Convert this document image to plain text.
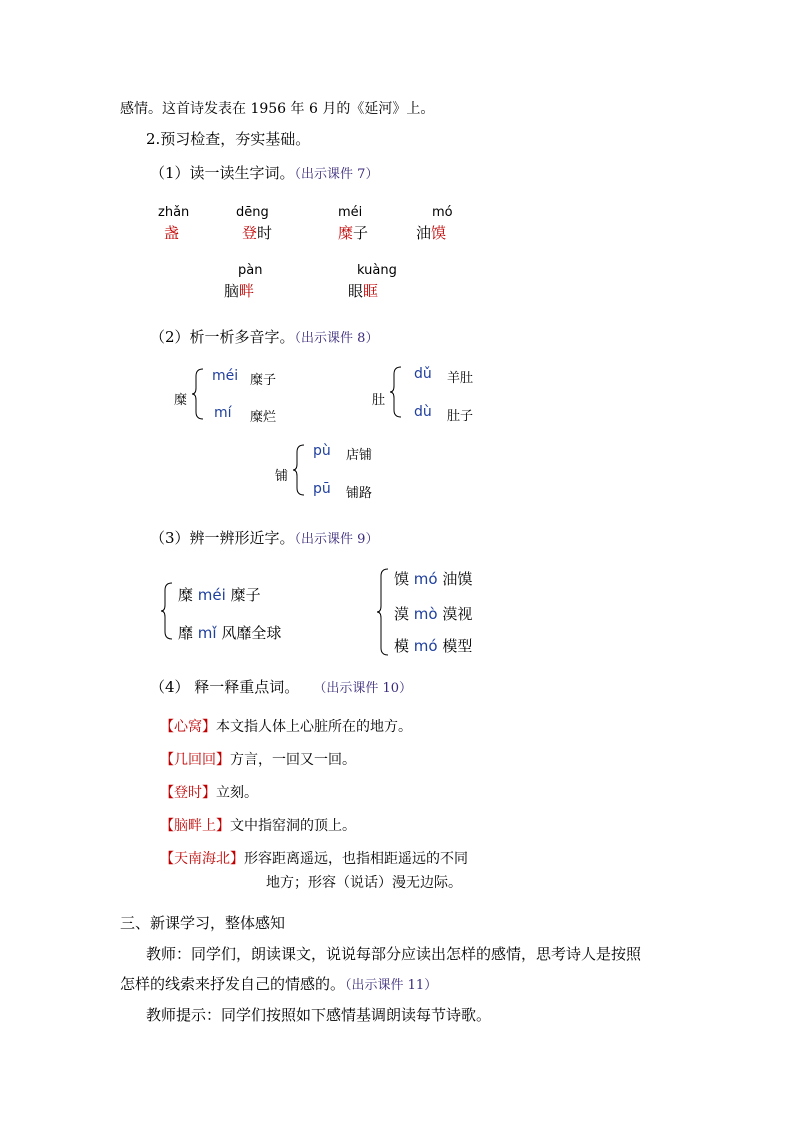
感情。这首诗发表在 1956 年 6 月的《延河》上。
2.预习检查，夯实基础。
（1）读一读生字词。（出示课件 7）
zhǎn
盏
dēng
登时
méi
糜子
mó
油馍
pàn
脑畔
kuàng
眼眶
（2）析一析多音字。（出示课件 8）
糜
méi 糜子
mí 糜烂
肚
dǔ 羊肚
dù 肚子
铺
pù 店铺
pū 铺路
（3）辨一辨形近字。（出示课件 9）
糜 méi 糜子
靡 mǐ 风靡全球
馍 mó 油馍
漠 mò 漠视
模 mó 模型
（4） 释一释重点词。 （出示课件 10）
【心窝】本文指人体上心脏所在的地方。
【几回回】方言，一回又一回。
【登时】立刻。
【脑畔上】文中指窑洞的顶上。
【天南海北】形容距离遥远，也指相距遥远的不同
地方；形容（说话）漫无边际。
三、新课学习，整体感知
教师：同学们，朗读课文，说说每部分应读出怎样的感情，思考诗人是按照
怎样的线索来抒发自己的情感的。（出示课件 11）
教师提示：同学们按照如下感情基调朗读每节诗歌。
